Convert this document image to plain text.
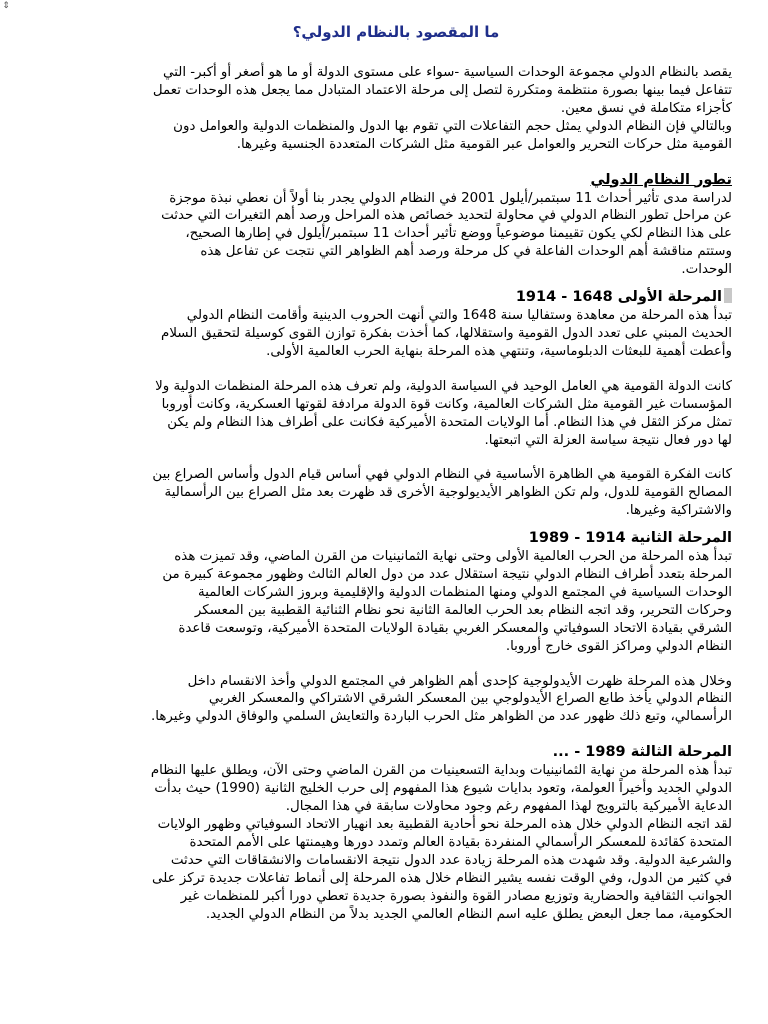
⇕
ما المقصود بالنظام الدولي؟

يقصد بالنظام الدولي مجموعة الوحدات السياسية -سواء على مستوى الدولة أو ما هو أصغر أو أكبر- التي
تتفاعل فيما بينها بصورة منتظمة ومتكررة لتصل إلى مرحلة الاعتماد المتبادل مما يجعل هذه الوحدات تعمل
كأجزاء متكاملة في نسق معين.
وبالتالي فإن النظام الدولي يمثل حجم التفاعلات التي تقوم بها الدول والمنظمات الدولية والعوامل دون
القومية مثل حركات التحرير والعوامل عبر القومية مثل الشركات المتعددة الجنسية وغيرها.

تطور النظام الدولي

لدراسة مدى تأثير أحداث 11 سبتمبر/أيلول 2001 في النظام الدولي يجدر بنا أولاً أن نعطي نبذة موجزة
عن مراحل تطور النظام الدولي في محاولة لتحديد خصائص هذه المراحل ورصد أهم التغيرات التي حدثت
على هذا النظام لكي يكون تقييمنا موضوعياً ووضع تأثير أحداث 11 سبتمبر/أيلول في إطارها الصحيح،
وستتم مناقشة أهم الوحدات الفاعلة في كل مرحلة ورصد أهم الظواهر التي نتجت عن تفاعل هذه
الوحدات.

المرحلة الأولى 1648 - 1914

تبدأ هذه المرحلة من معاهدة وستفاليا سنة 1648 والتي أنهت الحروب الدينية وأقامت النظام الدولي
الحديث المبني على تعدد الدول القومية واستقلالها، كما أخذت بفكرة توازن القوى كوسيلة لتحقيق السلام
وأعطت أهمية للبعثات الدبلوماسية، وتنتهي هذه المرحلة بنهاية الحرب العالمية الأولى.

كانت الدولة القومية هي العامل الوحيد في السياسة الدولية، ولم تعرف هذه المرحلة المنظمات الدولية ولا
المؤسسات غير القومية مثل الشركات العالمية، وكانت قوة الدولة مرادفة لقوتها العسكرية، وكانت أوروبا
تمثل مركز الثقل في هذا النظام. أما الولايات المتحدة الأميركية فكانت على أطراف هذا النظام ولم يكن
لها دور فعال نتيجة سياسة العزلة التي اتبعتها.

كانت الفكرة القومية هي الظاهرة الأساسية في النظام الدولي فهي أساس قيام الدول وأساس الصراع بين
المصالح القومية للدول، ولم تكن الظواهر الأيديولوجية الأخرى قد ظهرت بعد مثل الصراع بين الرأسمالية
والاشتراكية وغيرها.

المرحلة الثانية 1914 - 1989

تبدأ هذه المرحلة من الحرب العالمية الأولى وحتى نهاية الثمانينيات من القرن الماضي، وقد تميزت هذه
المرحلة بتعدد أطراف النظام الدولي نتيجة استقلال عدد من دول العالم الثالث وظهور مجموعة كبيرة من
الوحدات السياسية في المجتمع الدولي ومنها المنظمات الدولية والإقليمية وبروز الشركات العالمية
وحركات التحرير، وقد اتجه النظام بعد الحرب العالمة الثانية نحو نظام الثنائية القطبية بين المعسكر
الشرقي بقيادة الاتحاد السوفياتي والمعسكر الغربي بقيادة الولايات المتحدة الأميركية، وتوسعت قاعدة
النظام الدولي ومراكز القوى خارج أوروبا.

وخلال هذه المرحلة ظهرت الأيدولوجية كإحدى أهم الظواهر في المجتمع الدولي وأخذ الانقسام داخل
النظام الدولي يأخذ طابع الصراع الأيدولوجي بين المعسكر الشرقي الاشتراكي والمعسكر الغربي
الرأسمالي، وتبع ذلك ظهور عدد من الظواهر مثل الحرب الباردة والتعايش السلمي والوفاق الدولي وغيرها.

المرحلة الثالثة 1989 - ...

تبدأ هذه المرحلة من نهاية الثمانينيات وبداية التسعينيات من القرن الماضي وحتى الآن، ويطلق عليها النظام
الدولي الجديد وأخيراً العولمة، وتعود بدايات شيوع هذا المفهوم إلى حرب الخليج الثانية (1990) حيث بدأت
الدعاية الأميركية بالترويج لهذا المفهوم رغم وجود محاولات سابقة في هذا المجال.
لقد اتجه النظام الدولي خلال هذه المرحلة نحو أحادية القطبية بعد انهيار الاتحاد السوفياتي وظهور الولايات
المتحدة كقائدة للمعسكر الرأسمالي المنفردة بقيادة العالم وتمدد دورها وهيمنتها على الأمم المتحدة
والشرعية الدولية. وقد شهدت هذه المرحلة زيادة عدد الدول نتيجة الانقسامات والانشقاقات التي حدثت
في كثير من الدول، وفي الوقت نفسه يشير النظام خلال هذه المرحلة إلى أنماط تفاعلات جديدة تركز على
الجوانب الثقافية والحضارية وتوزيع مصادر القوة والنفوذ بصورة جديدة تعطي دورا أكبر للمنظمات غير
الحكومية، مما جعل البعض يطلق عليه اسم النظام العالمي الجديد بدلاً من النظام الدولي الجديد.
